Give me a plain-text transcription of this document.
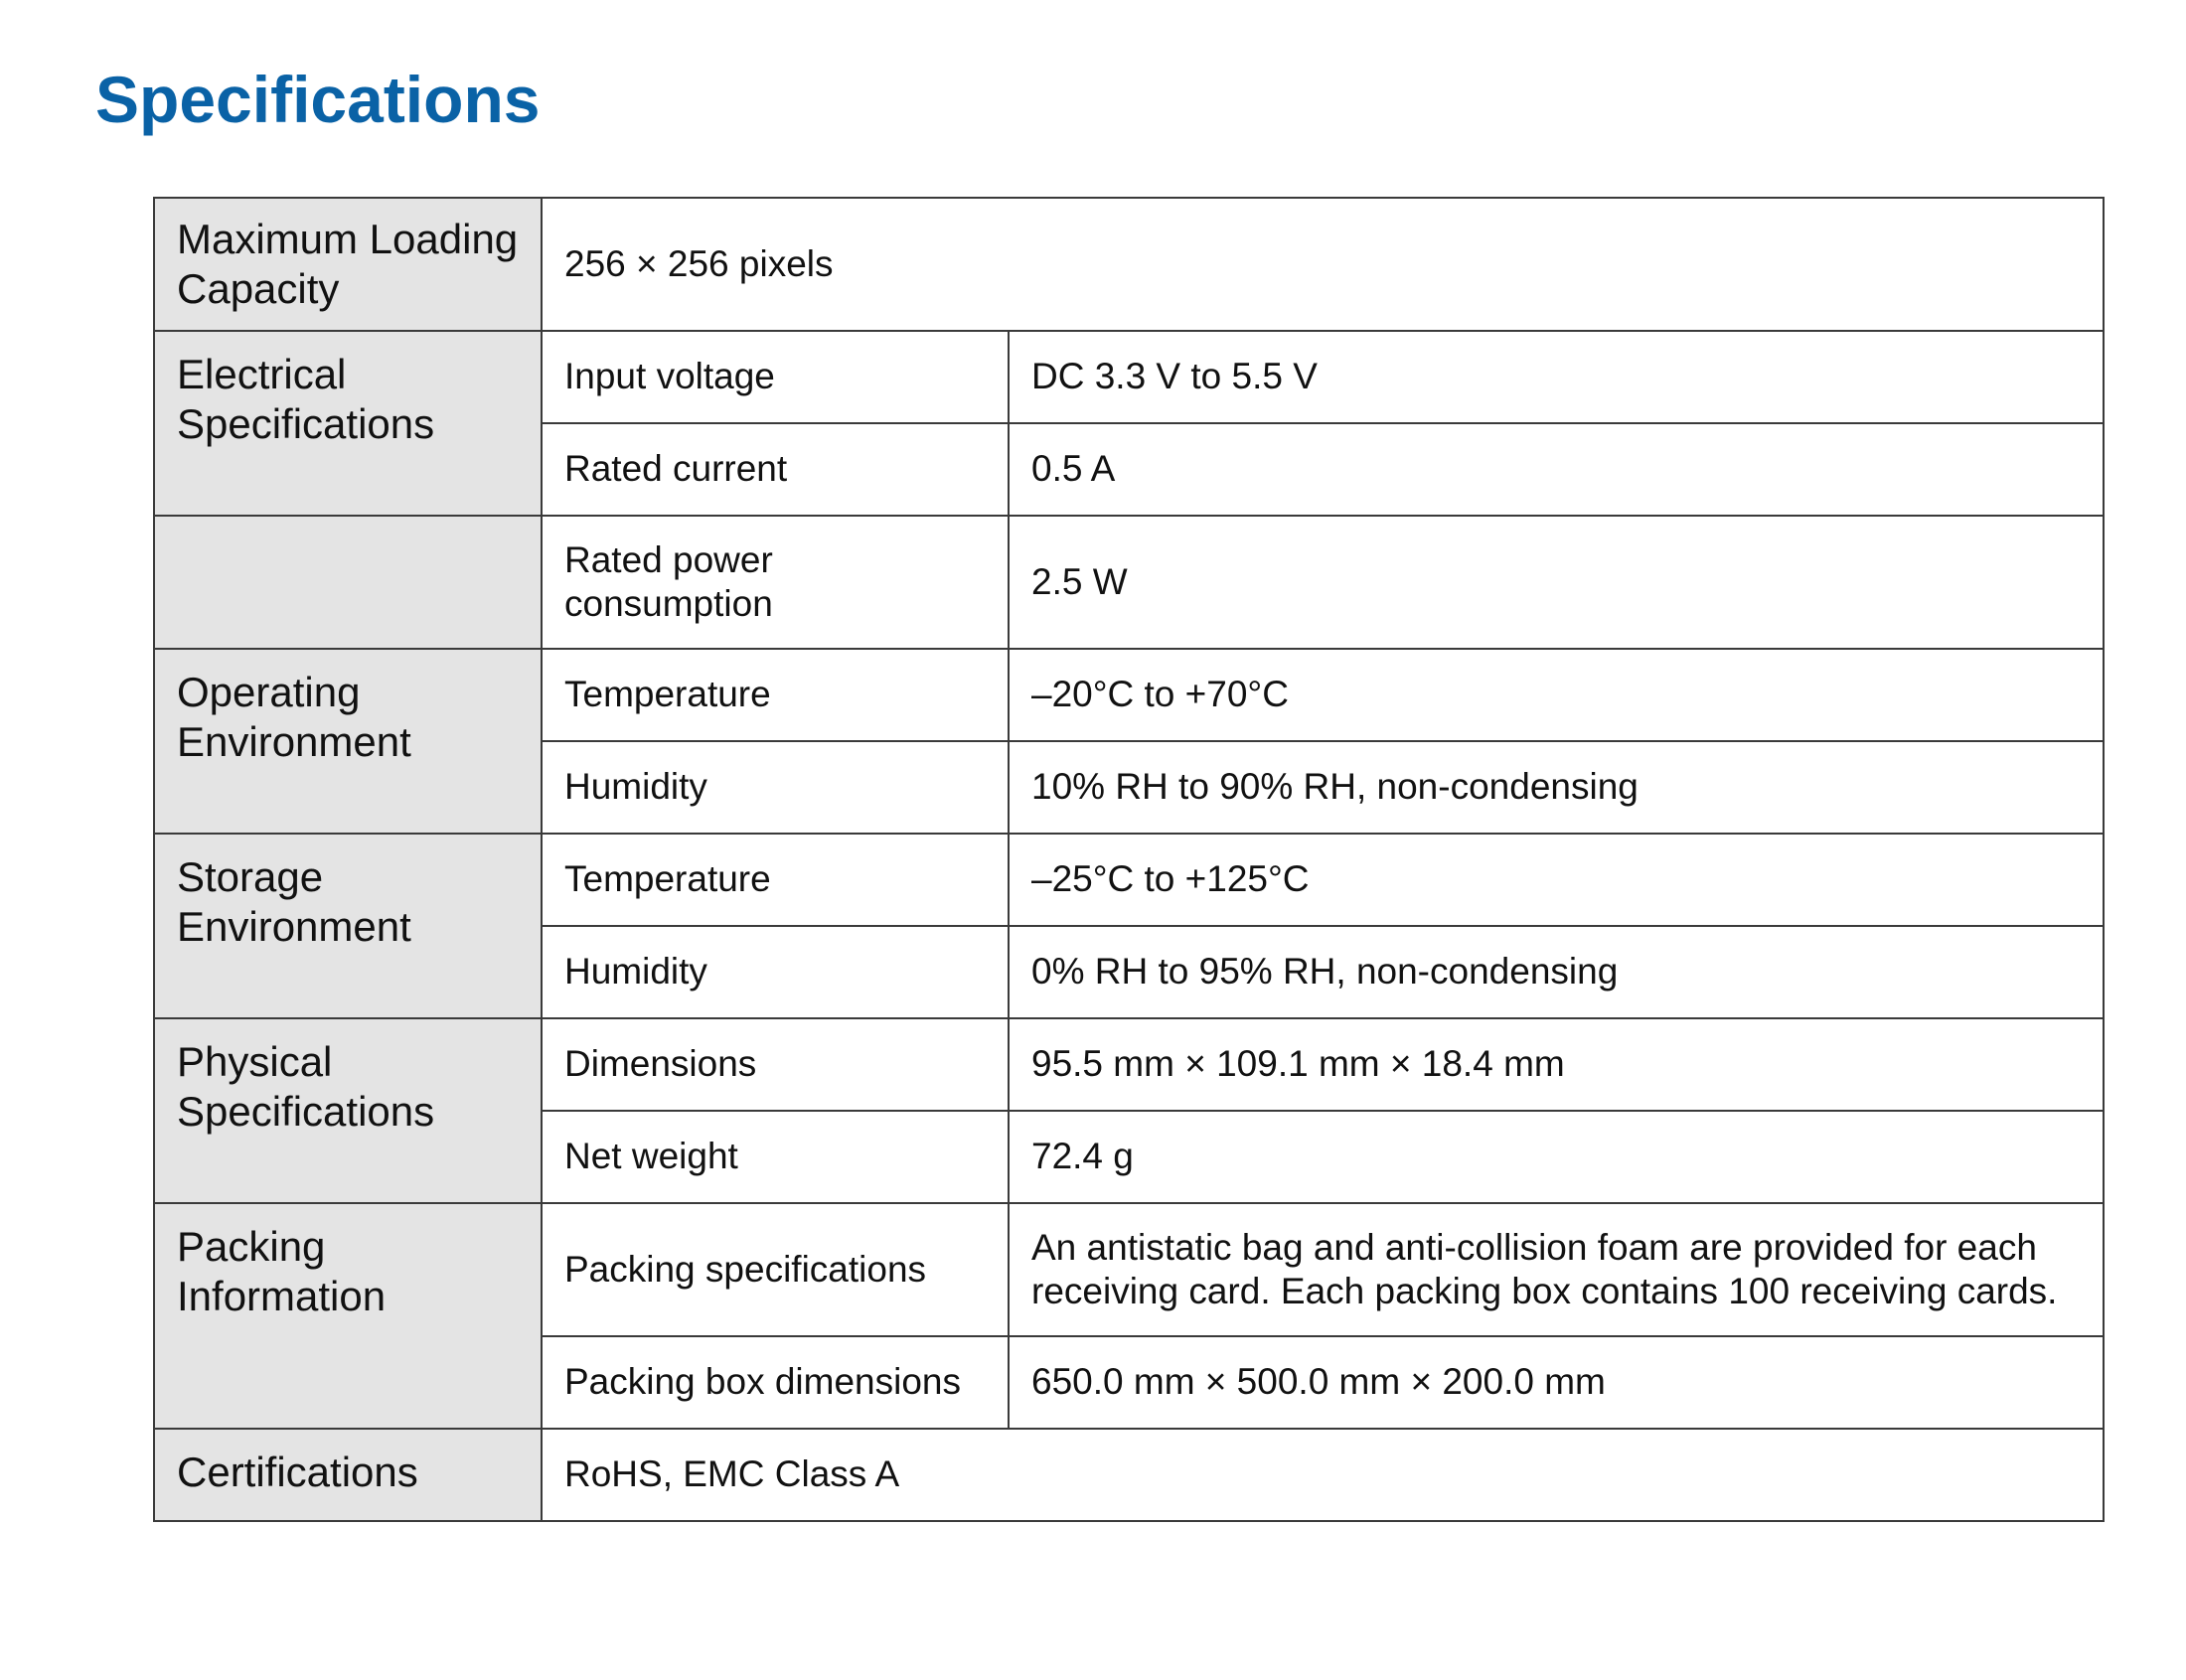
Specifications
Maximum Loading Capacity	256 × 256 pixels	
Electrical Specifications	Input voltage	DC 3.3 V to 5.5 V
	Rated current	0.5 A
	Rated power consumption	2.5 W
Operating Environment	Temperature	–20°C to +70°C
	Humidity	10% RH to 90% RH, non-condensing
Storage Environment	Temperature	–25°C to +125°C
	Humidity	0% RH to 95% RH, non-condensing
Physical Specifications	Dimensions	95.5 mm × 109.1 mm × 18.4 mm
	Net weight	72.4 g
Packing Information	Packing specifications	An antistatic bag and anti-collision foam are provided for each receiving card. Each packing box contains 100 receiving cards.
	Packing box dimensions	650.0 mm × 500.0 mm × 200.0 mm
Certifications	RoHS, EMC Class A	
